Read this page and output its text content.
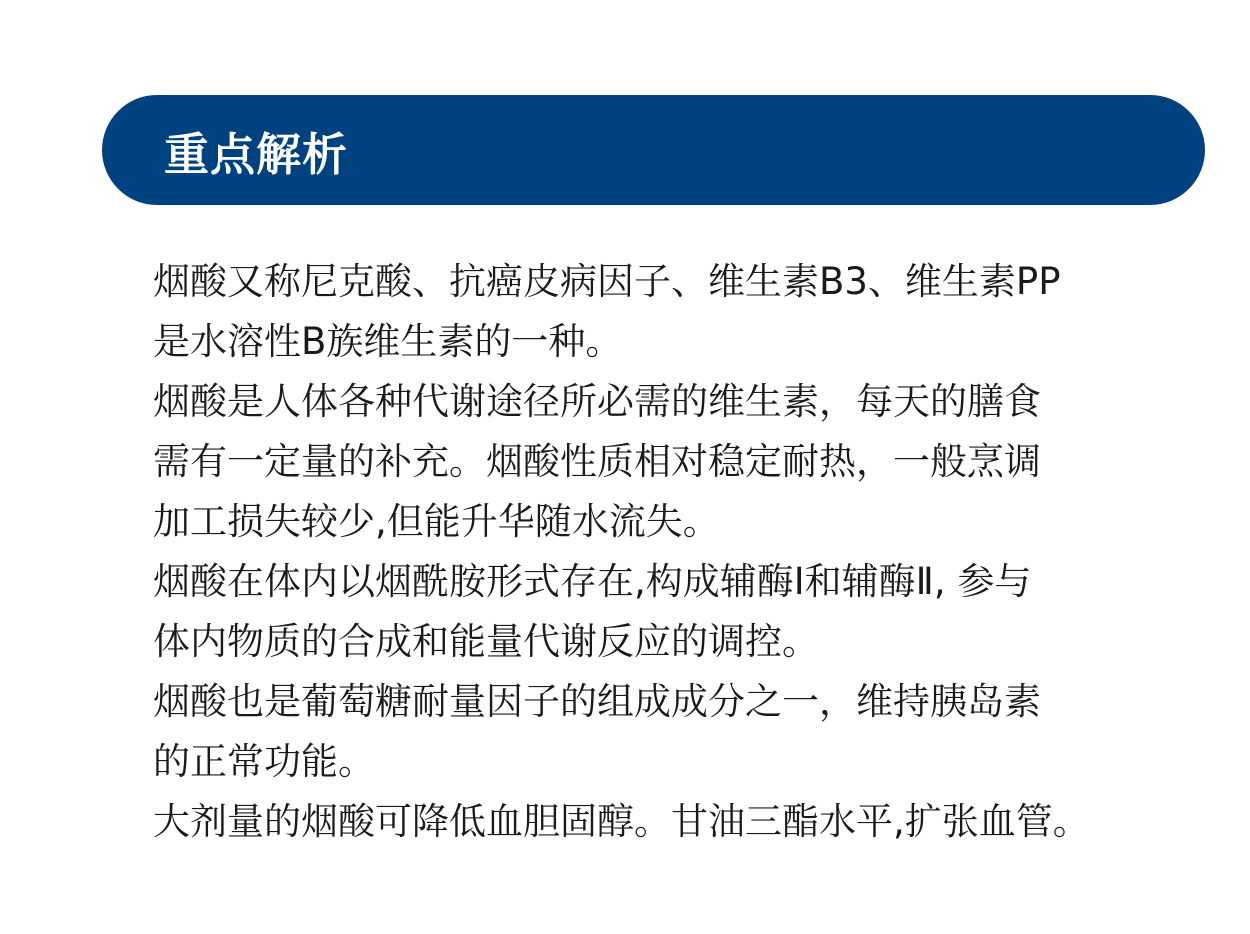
重点解析
烟酸又称尼克酸、抗癌皮病因子、维生素B3、维生素PP
是水溶性B族维生素的一种。
烟酸是人体各种代谢途径所必需的维生素，每天的膳食
需有一定量的补充。烟酸性质相对稳定耐热，一般烹调
加工损失较少,但能升华随水流失。
烟酸在体内以烟酰胺形式存在,构成辅酶Ⅰ和辅酶Ⅱ, 参与
体内物质的合成和能量代谢反应的调控。
烟酸也是葡萄糖耐量因子的组成成分之一，维持胰岛素
的正常功能。
大剂量的烟酸可降低血胆固醇。甘油三酯水平,扩张血管。
